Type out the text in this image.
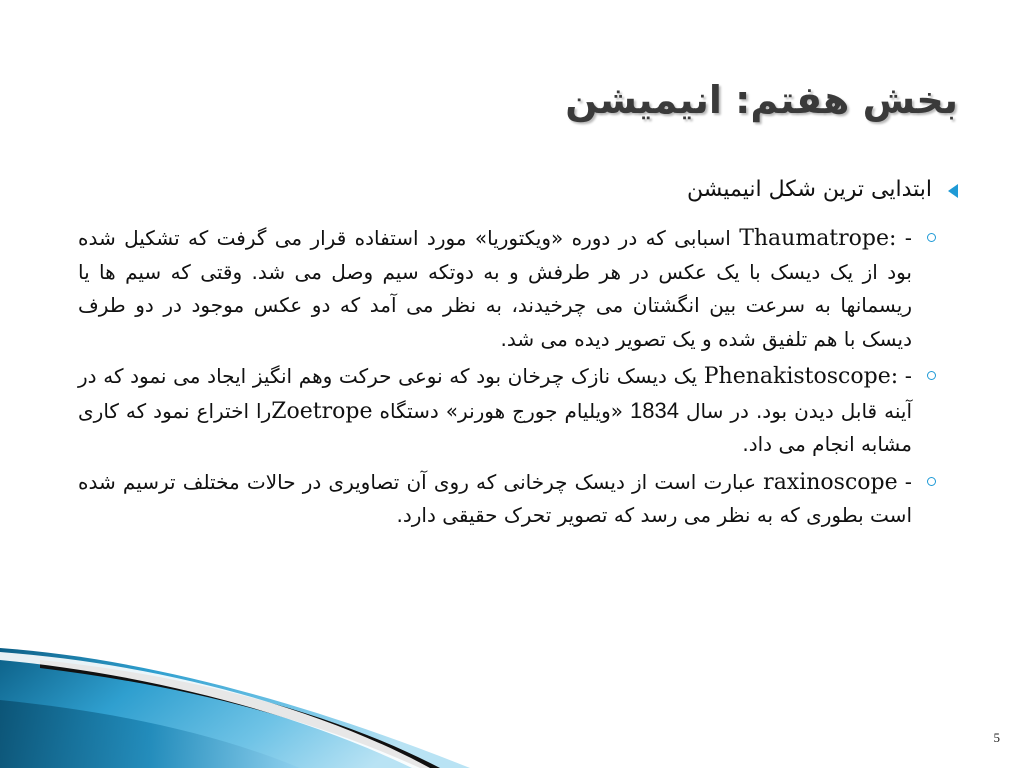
بخش هفتم: انیمیشن
ابتدایی ترین شکل انیمیشن
- Thaumatrope: اسبابی که در دوره «ویکتوریا» مورد استفاده قرار می گرفت که تشکیل شده بود از یک دیسک با یک عکس در هر طرفش و به دوتکه سیم وصل می شد. وقتی که سیم ها یا ریسمانها به سرعت بین انگشتان می چرخیدند، به نظر می آمد که دو عکس موجود در دو طرف دیسک با هم تلفیق شده و یک تصویر دیده می شد.
- Phenakistoscope: یک دیسک نازک چرخان بود که نوعی حرکت وهم انگیز ایجاد می نمود که در آینه قابل دیدن بود. در سال 1834 «ویلیام جورج هورنر» دستگاه Zoetropeرا اختراع نمود که کاری مشابه انجام می داد.
- raxinoscope عبارت است از دیسک چرخانی که روی آن تصاویری در حالات مختلف ترسیم شده است بطوری که به نظر می رسد که تصویر تحرک حقیقی دارد.
5
